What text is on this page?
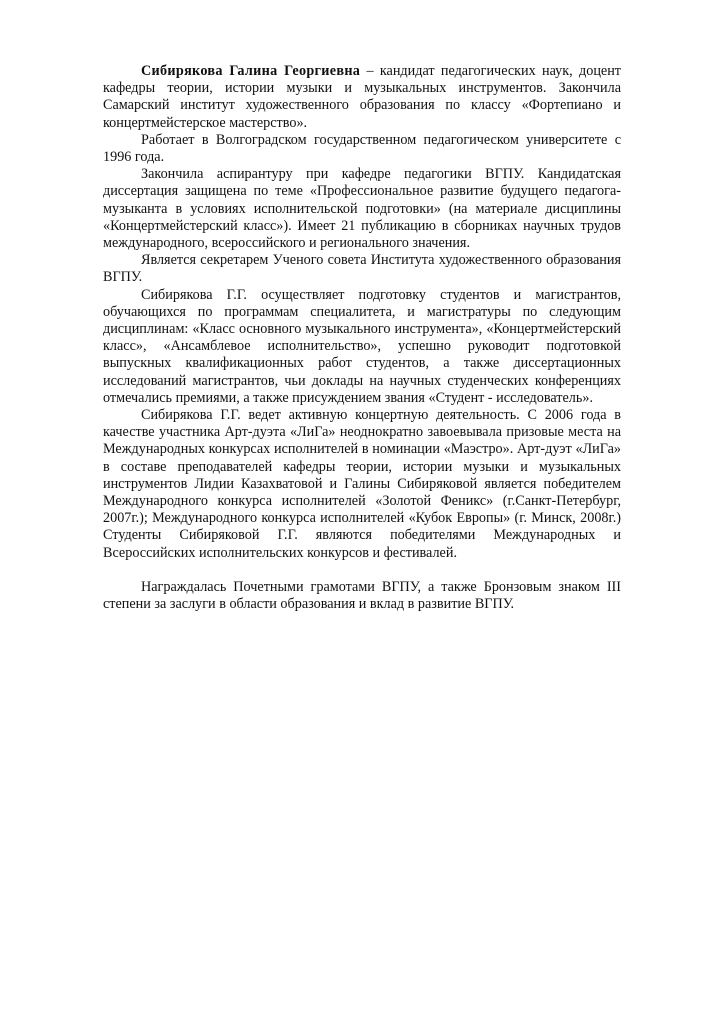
Сибирякова Галина Георгиевна – кандидат педагогических наук, доцент кафедры теории, истории музыки и музыкальных инструментов. Закончила Самарский институт художественного образования по классу «Фортепиано и концертмейстерское мастерство».

Работает в Волгоградском государственном педагогическом университете с 1996 года.

Закончила аспирантуру при кафедре педагогики ВГПУ. Кандидатская диссертация защищена по теме «Профессиональное развитие будущего педагога-музыканта в условиях исполнительской подготовки» (на материале дисциплины «Концертмейстерский класс»). Имеет 21 публикацию в сборниках научных трудов международного, всероссийского и регионального значения.

Является секретарем Ученого совета Института художественного образования ВГПУ.

Сибирякова Г.Г. осуществляет подготовку студентов и магистрантов, обучающихся по программам специалитета, и магистратуры по следующим дисциплинам: «Класс основного музыкального инструмента», «Концертмейстерский класс», «Ансамблевое исполнительство», успешно руководит подготовкой выпускных квалификационных работ студентов, а также диссертационных исследований магистрантов, чьи доклады на научных студенческих конференциях отмечались премиями, а также присуждением звания «Студент - исследователь».

Сибирякова Г.Г. ведет активную концертную деятельность. С 2006 года в качестве участника Арт-дуэта «ЛиГа» неоднократно завоевывала призовые места на Международных конкурсах исполнителей в номинации «Маэстро». Арт-дуэт «ЛиГа» в составе преподавателей кафедры теории, истории музыки и музыкальных инструментов Лидии Казахватовой и Галины Сибиряковой является победителем Международного конкурса исполнителей «Золотой Феникс» (г.Санкт-Петербург, 2007г.); Международного конкурса исполнителей «Кубок Европы» (г. Минск, 2008г.) Студенты Сибиряковой Г.Г. являются победителями Международных и Всероссийских исполнительских конкурсов и фестивалей.

Награждалась Почетными грамотами ВГПУ, а также Бронзовым знаком III степени за заслуги в области образования и вклад в развитие ВГПУ.
